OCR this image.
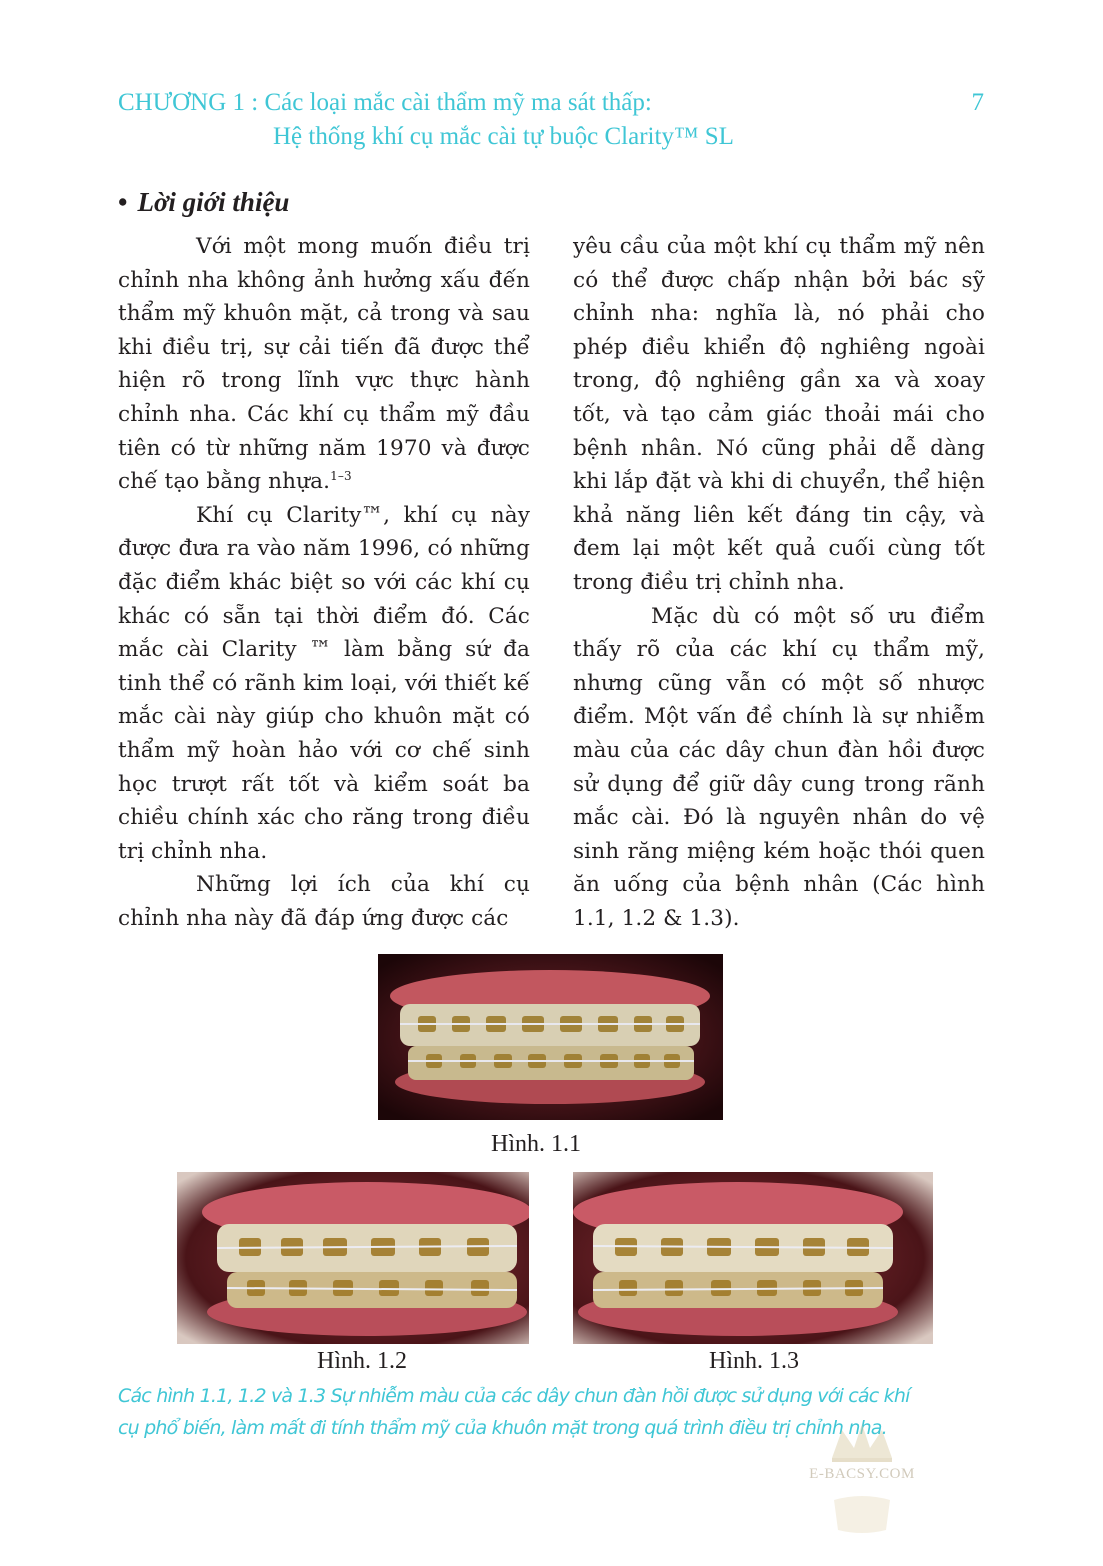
CHƯƠNG 1 : Các loại mắc cài thẩm mỹ ma sát thấp:
Hệ thống khí cụ mắc cài tự buộc Clarity™ SL
7
• Lời giới thiệu

Với một mong muốn điều trị chỉnh nha không ảnh hưởng xấu đến thẩm mỹ khuôn mặt, cả trong và sau khi điều trị, sự cải tiến đã được thể hiện rõ trong lĩnh vực thực hành chỉnh nha. Các khí cụ thẩm mỹ đầu tiên có từ những năm 1970 và được chế tạo bằng nhựa.$^{1-3}$

Khí cụ Clarity™, khí cụ này được đưa ra vào năm 1996, có những đặc điểm khác biệt so với các khí cụ khác có sẵn tại thời điểm đó. Các mắc cài Clarity ™ làm bằng sứ đa tinh thể có rãnh kim loại, với thiết kế mắc cài này giúp cho khuôn mặt có thẩm mỹ hoàn hảo với cơ chế sinh học trượt rất tốt và kiểm soát ba chiều chính xác cho răng trong điều trị chỉnh nha.

Những lợi ích của khí cụ chỉnh nha này đã đáp ứng được các

yêu cầu của một khí cụ thẩm mỹ nên có thể được chấp nhận bởi bác sỹ chỉnh nha: nghĩa là, nó phải cho phép điều khiển độ nghiêng ngoài trong, độ nghiêng gần xa và xoay tốt, và tạo cảm giác thoải mái cho bệnh nhân. Nó cũng phải dễ dàng khi lắp đặt và khi di chuyển, thể hiện khả năng liên kết đáng tin cậy, và đem lại một kết quả cuối cùng tốt trong điều trị chỉnh nha.

Mặc dù có một số ưu điểm thấy rõ của các khí cụ thẩm mỹ, nhưng cũng vẫn có một số nhược điểm. Một vấn đề chính là sự nhiễm màu của các dây chun đàn hồi được sử dụng để giữ dây cung trong rãnh mắc cài. Đó là nguyên nhân do vệ sinh răng miệng kém hoặc thói quen ăn uống của bệnh nhân (Các hình 1.1, 1.2 & 1.3).

Hình. 1.1
Hình. 1.2	Hình. 1.3
Các hình 1.1, 1.2 và 1.3 Sự nhiễm màu của các dây chun đàn hồi được sử dụng với các khí
cụ phổ biến, làm mất đi tính thẩm mỹ của khuôn mặt trong quá trình điều trị chỉnh nha.
E-BACSY.COM
